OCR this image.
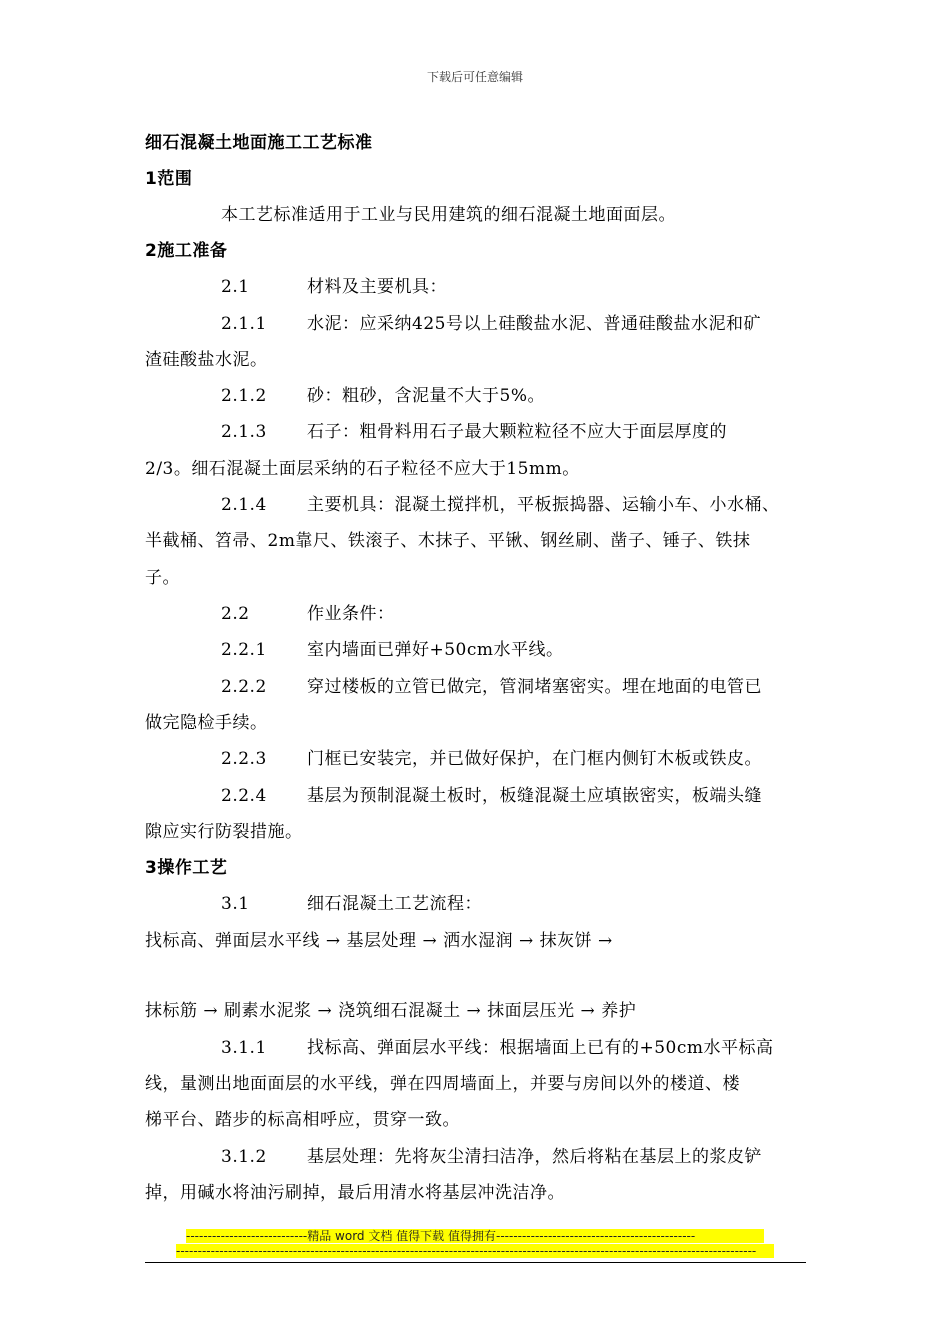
下载后可任意编辑
细石混凝土地面施工工艺标准
1范围
本工艺标准适用于工业与民用建筑的细石混凝土地面面层。
2施工准备
2.1	材料及主要机具：
2.1.1 水泥：应采纳425号以上硅酸盐水泥、普通硅酸盐水泥和矿
渣硅酸盐水泥。
2.1.2 砂：粗砂，含泥量不大于5%。
2.1.3 石子：粗骨料用石子最大颗粒粒径不应大于面层厚度的
2/3。细石混凝土面层采纳的石子粒径不应大于15mm。
2.1.4 主要机具：混凝土搅拌机，平板振捣器、运输小车、小水桶、
半截桶、笤帚、2m靠尺、铁滚子、木抹子、平锹、钢丝刷、凿子、锤子、铁抹
子。
2.2	作业条件：
2.2.1 室内墙面已弹好+50cm水平线。
2.2.2 穿过楼板的立管已做完，管洞堵塞密实。埋在地面的电管已
做完隐检手续。
2.2.3 门框已安装完，并已做好保护，在门框内侧钉木板或铁皮。
2.2.4 基层为预制混凝土板时，板缝混凝土应填嵌密实，板端头缝
隙应实行防裂措施。
3操作工艺
3.1	细石混凝土工艺流程：
找标高、弹面层水平线 → 基层处理 → 洒水湿润 → 抹灰饼 →
抹标筋 → 刷素水泥浆 → 浇筑细石混凝土 → 抹面层压光 → 养护
3.1.1 找标高、弹面层水平线：根据墙面上已有的+50cm水平标高
线，量测出地面面层的水平线，弹在四周墙面上，并要与房间以外的楼道、楼
梯平台、踏步的标高相呼应，贯穿一致。
3.1.2 基层处理：先将灰尘清扫洁净，然后将粘在基层上的浆皮铲
掉，用碱水将油污刷掉，最后用清水将基层冲洗洁净。
----------------------------精品 word 文档 值得下载 值得拥有----------------------------------------------
--------------------------------------------------------------------------------------------------------------------------------------
